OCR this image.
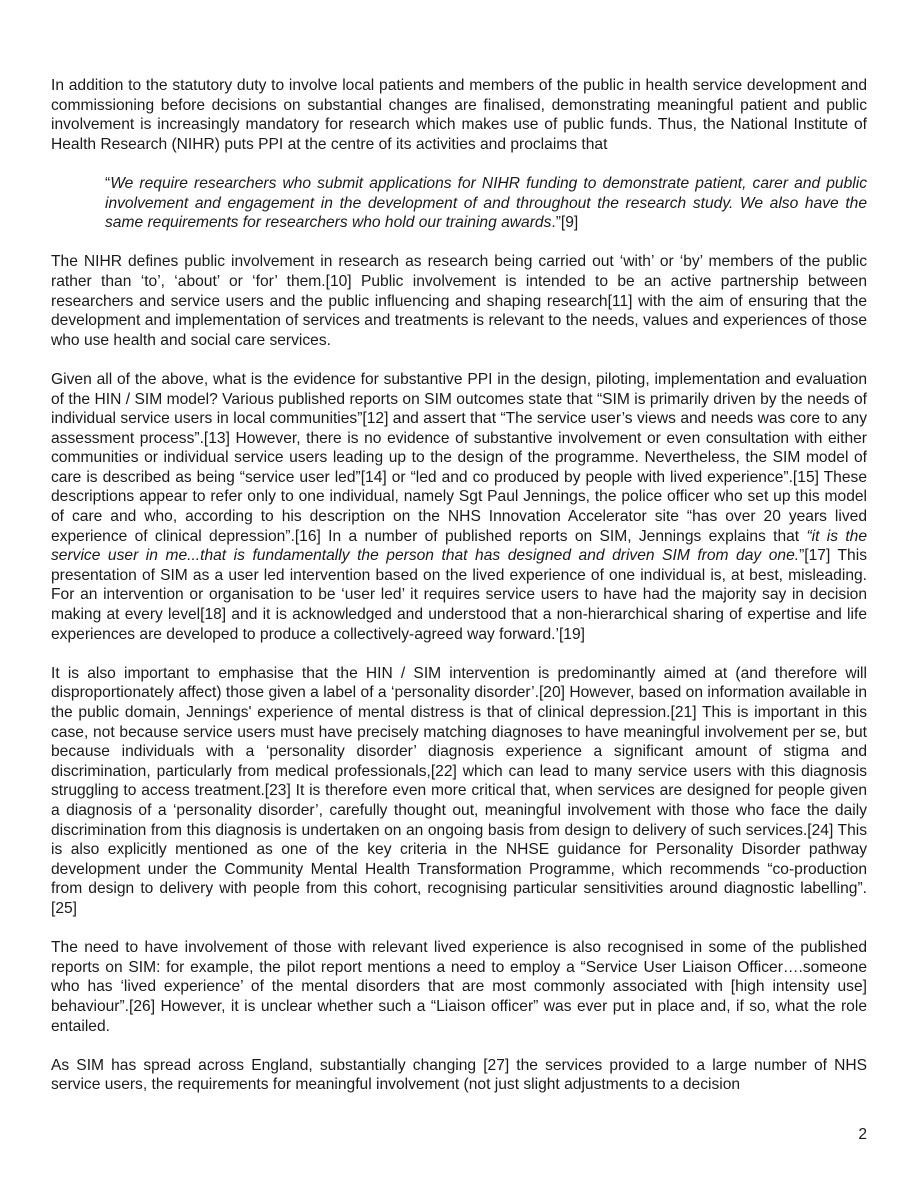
In addition to the statutory duty to involve local patients and members of the public in health service development and commissioning before decisions on substantial changes are finalised, demonstrating meaningful patient and public involvement is increasingly mandatory for research which makes use of public funds. Thus, the National Institute of Health Research (NIHR) puts PPI at the centre of its activities and proclaims that

“We require researchers who submit applications for NIHR funding to demonstrate patient, carer and public involvement and engagement in the development of and throughout the research study. We also have the same requirements for researchers who hold our training awards.”[9]

The NIHR defines public involvement in research as research being carried out ‘with’ or ‘by’ members of the public rather than ‘to’, ‘about’ or ‘for’ them.[10] Public involvement is intended to be an active partnership between researchers and service users and the public influencing and shaping research[11] with the aim of ensuring that the development and implementation of services and treatments is relevant to the needs, values and experiences of those who use health and social care services.

Given all of the above, what is the evidence for substantive PPI in the design, piloting, implementation and evaluation of the HIN / SIM model? Various published reports on SIM outcomes state that “SIM is primarily driven by the needs of individual service users in local communities”[12] and assert that “The service user’s views and needs was core to any assessment process”.[13] However, there is no evidence of substantive involvement or even consultation with either communities or individual service users leading up to the design of the programme. Nevertheless, the SIM model of care is described as being “service user led”[14] or “led and co produced by people with lived experience”.[15] These descriptions appear to refer only to one individual, namely Sgt Paul Jennings, the police officer who set up this model of care and who, according to his description on the NHS Innovation Accelerator site “has over 20 years lived experience of clinical depression”.[16] In a number of published reports on SIM, Jennings explains that “it is the service user in me...that is fundamentally the person that has designed and driven SIM from day one.”[17] This presentation of SIM as a user led intervention based on the lived experience of one individual is, at best, misleading. For an intervention or organisation to be ‘user led’ it requires service users to have had the majority say in decision making at every level[18] and it is acknowledged and understood that a non-hierarchical sharing of expertise and life experiences are developed to produce a collectively-agreed way forward.’[19]

It is also important to emphasise that the HIN / SIM intervention is predominantly aimed at (and therefore will disproportionately affect) those given a label of a ‘personality disorder’.[20] However, based on information available in the public domain, Jennings' experience of mental distress is that of clinical depression.[21] This is important in this case, not because service users must have precisely matching diagnoses to have meaningful involvement per se, but because individuals with a ‘personality disorder’ diagnosis experience a significant amount of stigma and discrimination, particularly from medical professionals,[22] which can lead to many service users with this diagnosis struggling to access treatment.[23] It is therefore even more critical that, when services are designed for people given a diagnosis of a ‘personality disorder’, carefully thought out, meaningful involvement with those who face the daily discrimination from this diagnosis is undertaken on an ongoing basis from design to delivery of such services.[24] This is also explicitly mentioned as one of the key criteria in the NHSE guidance for Personality Disorder pathway development under the Community Mental Health Transformation Programme, which recommends “co-production from design to delivery with people from this cohort, recognising particular sensitivities around diagnostic labelling”.[25]

The need to have involvement of those with relevant lived experience is also recognised in some of the published reports on SIM: for example, the pilot report mentions a need to employ a “Service User Liaison Officer….someone who has ‘lived experience’ of the mental disorders that are most commonly associated with [high intensity use] behaviour”.[26] However, it is unclear whether such a “Liaison officer” was ever put in place and, if so, what the role entailed.

As SIM has spread across England, substantially changing [27] the services provided to a large number of NHS service users, the requirements for meaningful involvement (not just slight adjustments to a decision

2
